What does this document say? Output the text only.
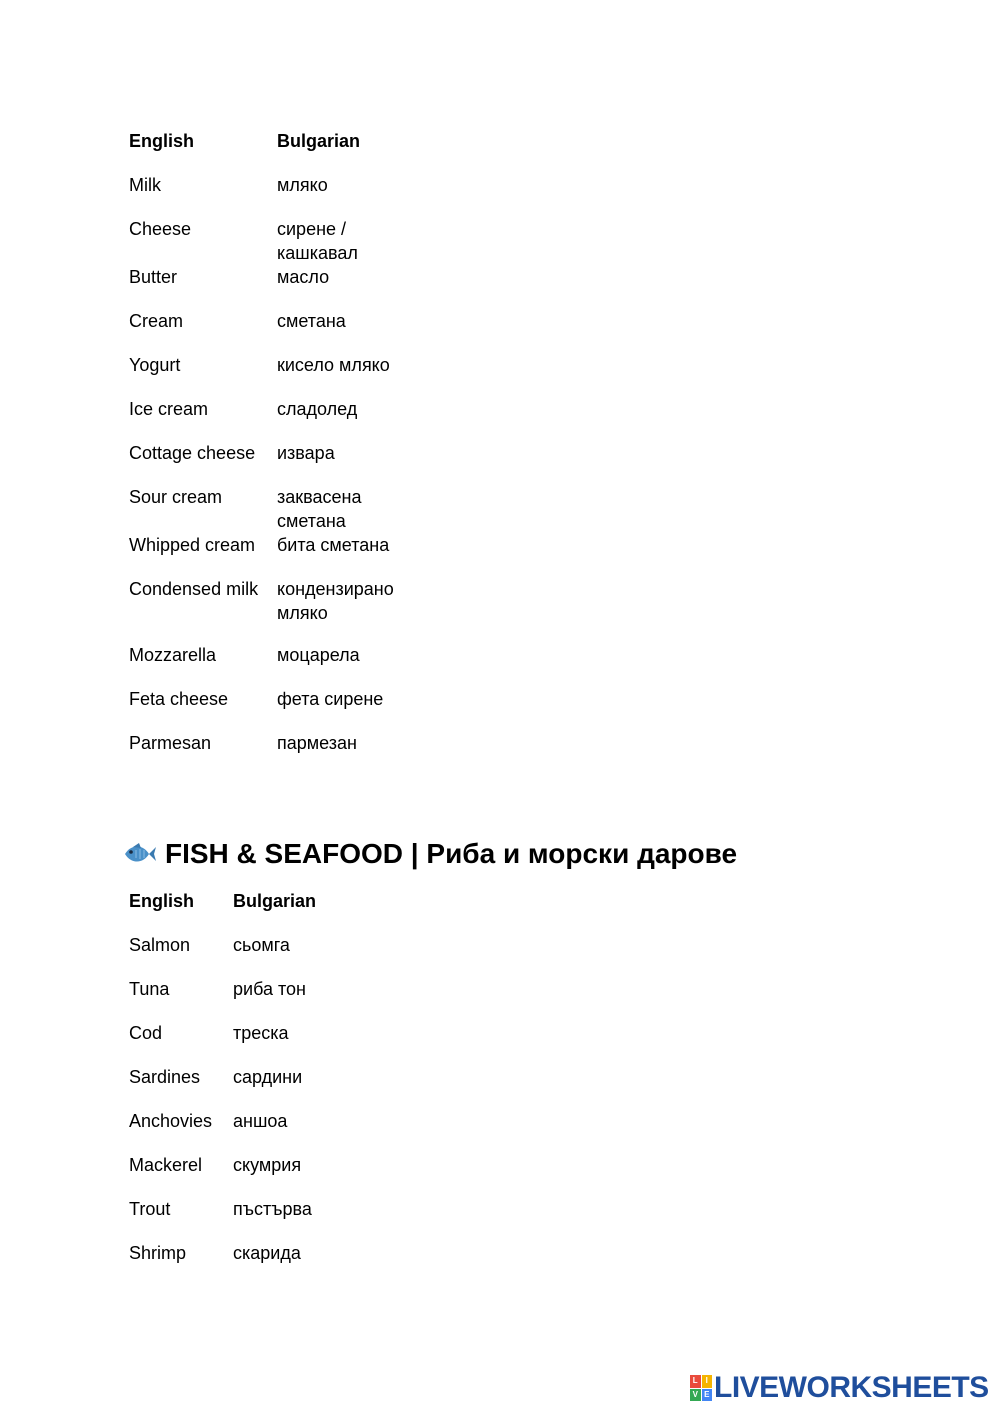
English	Bulgarian
Milk	мляко
Cheese	сирене / кашкавал
Butter	масло
Cream	сметана
Yogurt	кисело мляко
Ice cream	сладолед
Cottage cheese	извара
Sour cream	заквасена сметана
Whipped cream	бита сметана
Condensed milk	кондензирано мляко
Mozzarella	моцарела
Feta cheese	фета сирене
Parmesan	пармезан
FISH & SEAFOOD | Риба и морски дарове
English	Bulgarian
Salmon	сьомга
Tuna	риба тон
Cod	треска
Sardines	сардини
Anchovies	аншоа
Mackerel	скумрия
Trout	пъстърва
Shrimp	скарида
L I
V E LIVEWORKSHEETS
